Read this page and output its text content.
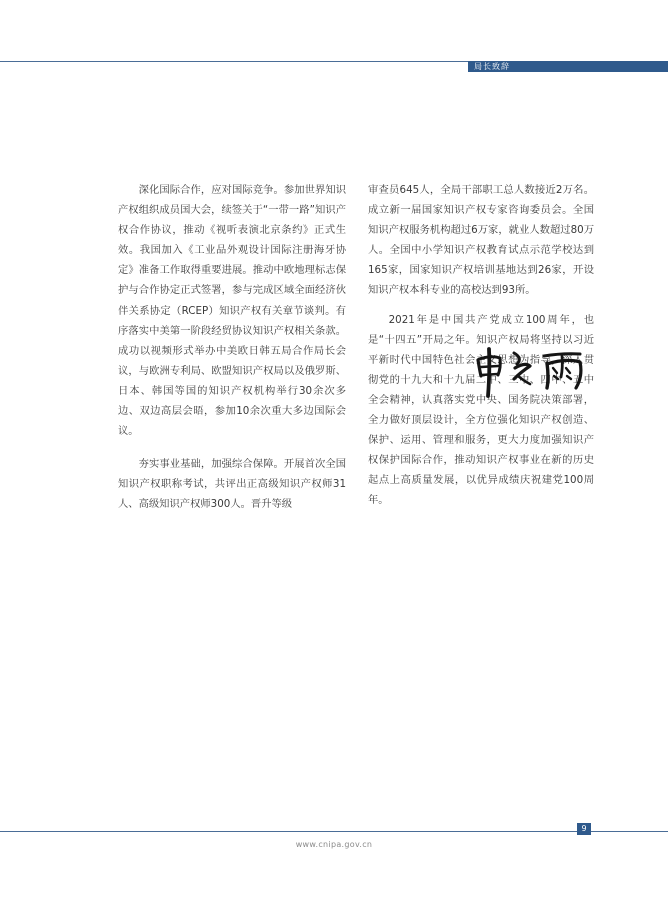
局长致辞

深化国际合作，应对国际竞争。参加世界知识产权组织成员国大会，续签关于“一带一路”知识产权合作协议，推动《视听表演北京条约》正式生效。我国加入《工业品外观设计国际注册海牙协定》准备工作取得重要进展。推动中欧地理标志保护与合作协定正式签署，参与完成区域全面经济伙伴关系协定（RCEP）知识产权有关章节谈判。有序落实中美第一阶段经贸协议知识产权相关条款。成功以视频形式举办中美欧日韩五局合作局长会议，与欧洲专利局、欧盟知识产权局以及俄罗斯、日本、韩国等国的知识产权机构举行30余次多边、双边高层会晤，参加10余次重大多边国际会议。

夯实事业基础，加强综合保障。开展首次全国知识产权职称考试，共评出正高级知识产权师31人、高级知识产权师300人。晋升等级

审查员645人，全局干部职工总人数接近2万名。成立新一届国家知识产权专家咨询委员会。全国知识产权服务机构超过6万家，就业人数超过80万人。全国中小学知识产权教育试点示范学校达到165家，国家知识产权培训基地达到26家，开设知识产权本科专业的高校达到93所。

2021年是中国共产党成立100周年，也是“十四五”开局之年。知识产权局将坚持以习近平新时代中国特色社会主义思想为指导，深入贯彻党的十九大和十九届二中、三中、四中、五中全会精神，认真落实党中央、国务院决策部署，全力做好顶层设计，全方位强化知识产权创造、保护、运用、管理和服务，更大力度加强知识产权保护国际合作，推动知识产权事业在新的历史起点上高质量发展，以优异成绩庆祝建党100周年。

9
www.cnipa.gov.cn
